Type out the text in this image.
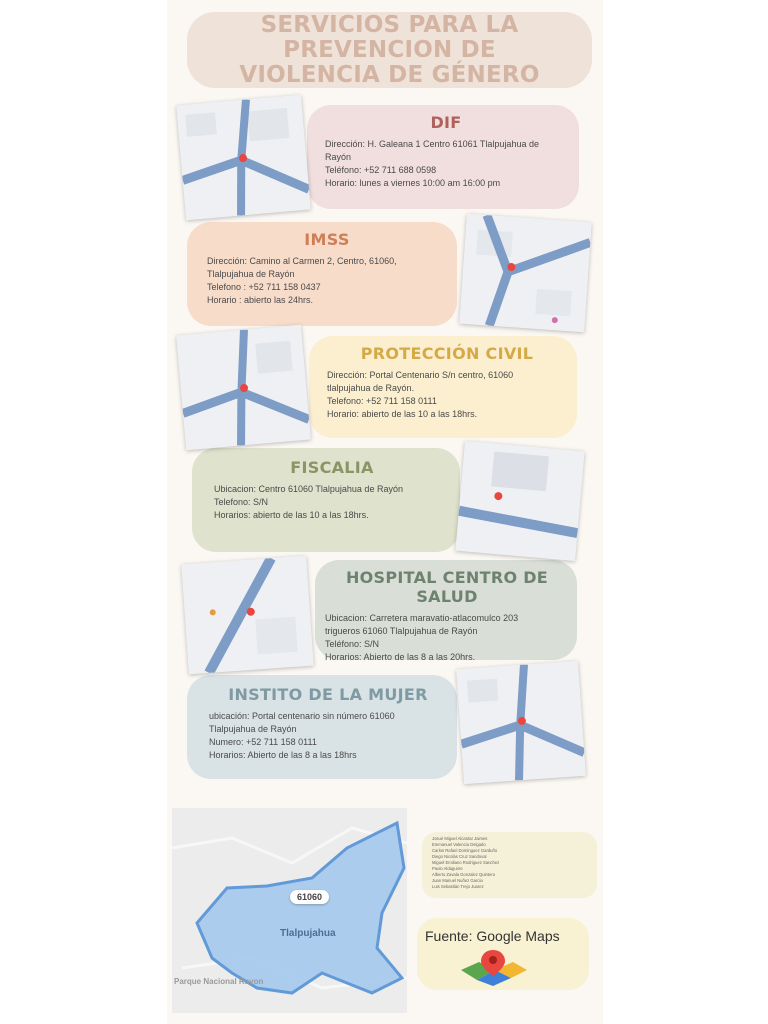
SERVICIOS PARA LA PREVENCION DE
VIOLENCIA DE GÉNERO
DIF
Dirección: H. Galeana 1 Centro 61061 Tlalpujahua de
Rayón
Teléfono: +52 711 688 0598
Horario: lunes a viernes 10:00 am 16:00 pm
IMSS
Dirección: Camino al Carmen 2, Centro, 61060,
Tlalpujahua de Rayón
Telefono : +52 711 158 0437
Horario : abierto las 24hrs.
PROTECCIÓN CIVIL
Dirección: Portal Centenario S/n centro, 61060
tlalpujahua de Rayón.
Telefono: +52 711 158 0111
Horario: abierto de las 10 a las 18hrs.
FISCALIA
Ubicacion: Centro 61060 Tlalpujahua de Rayón
Telefono: S/N
Horarios: abierto de las 10 a las 18hrs.
HOSPITAL CENTRO DE SALUD
Ubicacion: Carretera maravatio-atlacomulco 203
trigueros 61060 Tlalpujahua de Rayón
Teléfono: S/N
Horarios: Abierto de las 8 a las 20hrs.
INSTITO DE LA MUJER
ubicación: Portal centenario sin número 61060
Tlalpujahua de Rayón
Numero: +52 711 158 0111
Horarios: Abierto de las 8 a las 18hrs
61060
Tlalpujahua
Parque Nacional Rayon
Josué Miguel Alcantar Jaimes
Emmanuel Valencia Delgado
Carlos Rafael Dominguez Garduño
Diego Nicolás Cruz Sandoval
Miguel Emiliano Rodriguez Sanchez
Paulo Aldaguirre
Alberto Zavala Gonzalez Quintero
Juan Manuel Nuñez Garcia
Luis Sebastián Trejo Juarez
Fuente: Google Maps
